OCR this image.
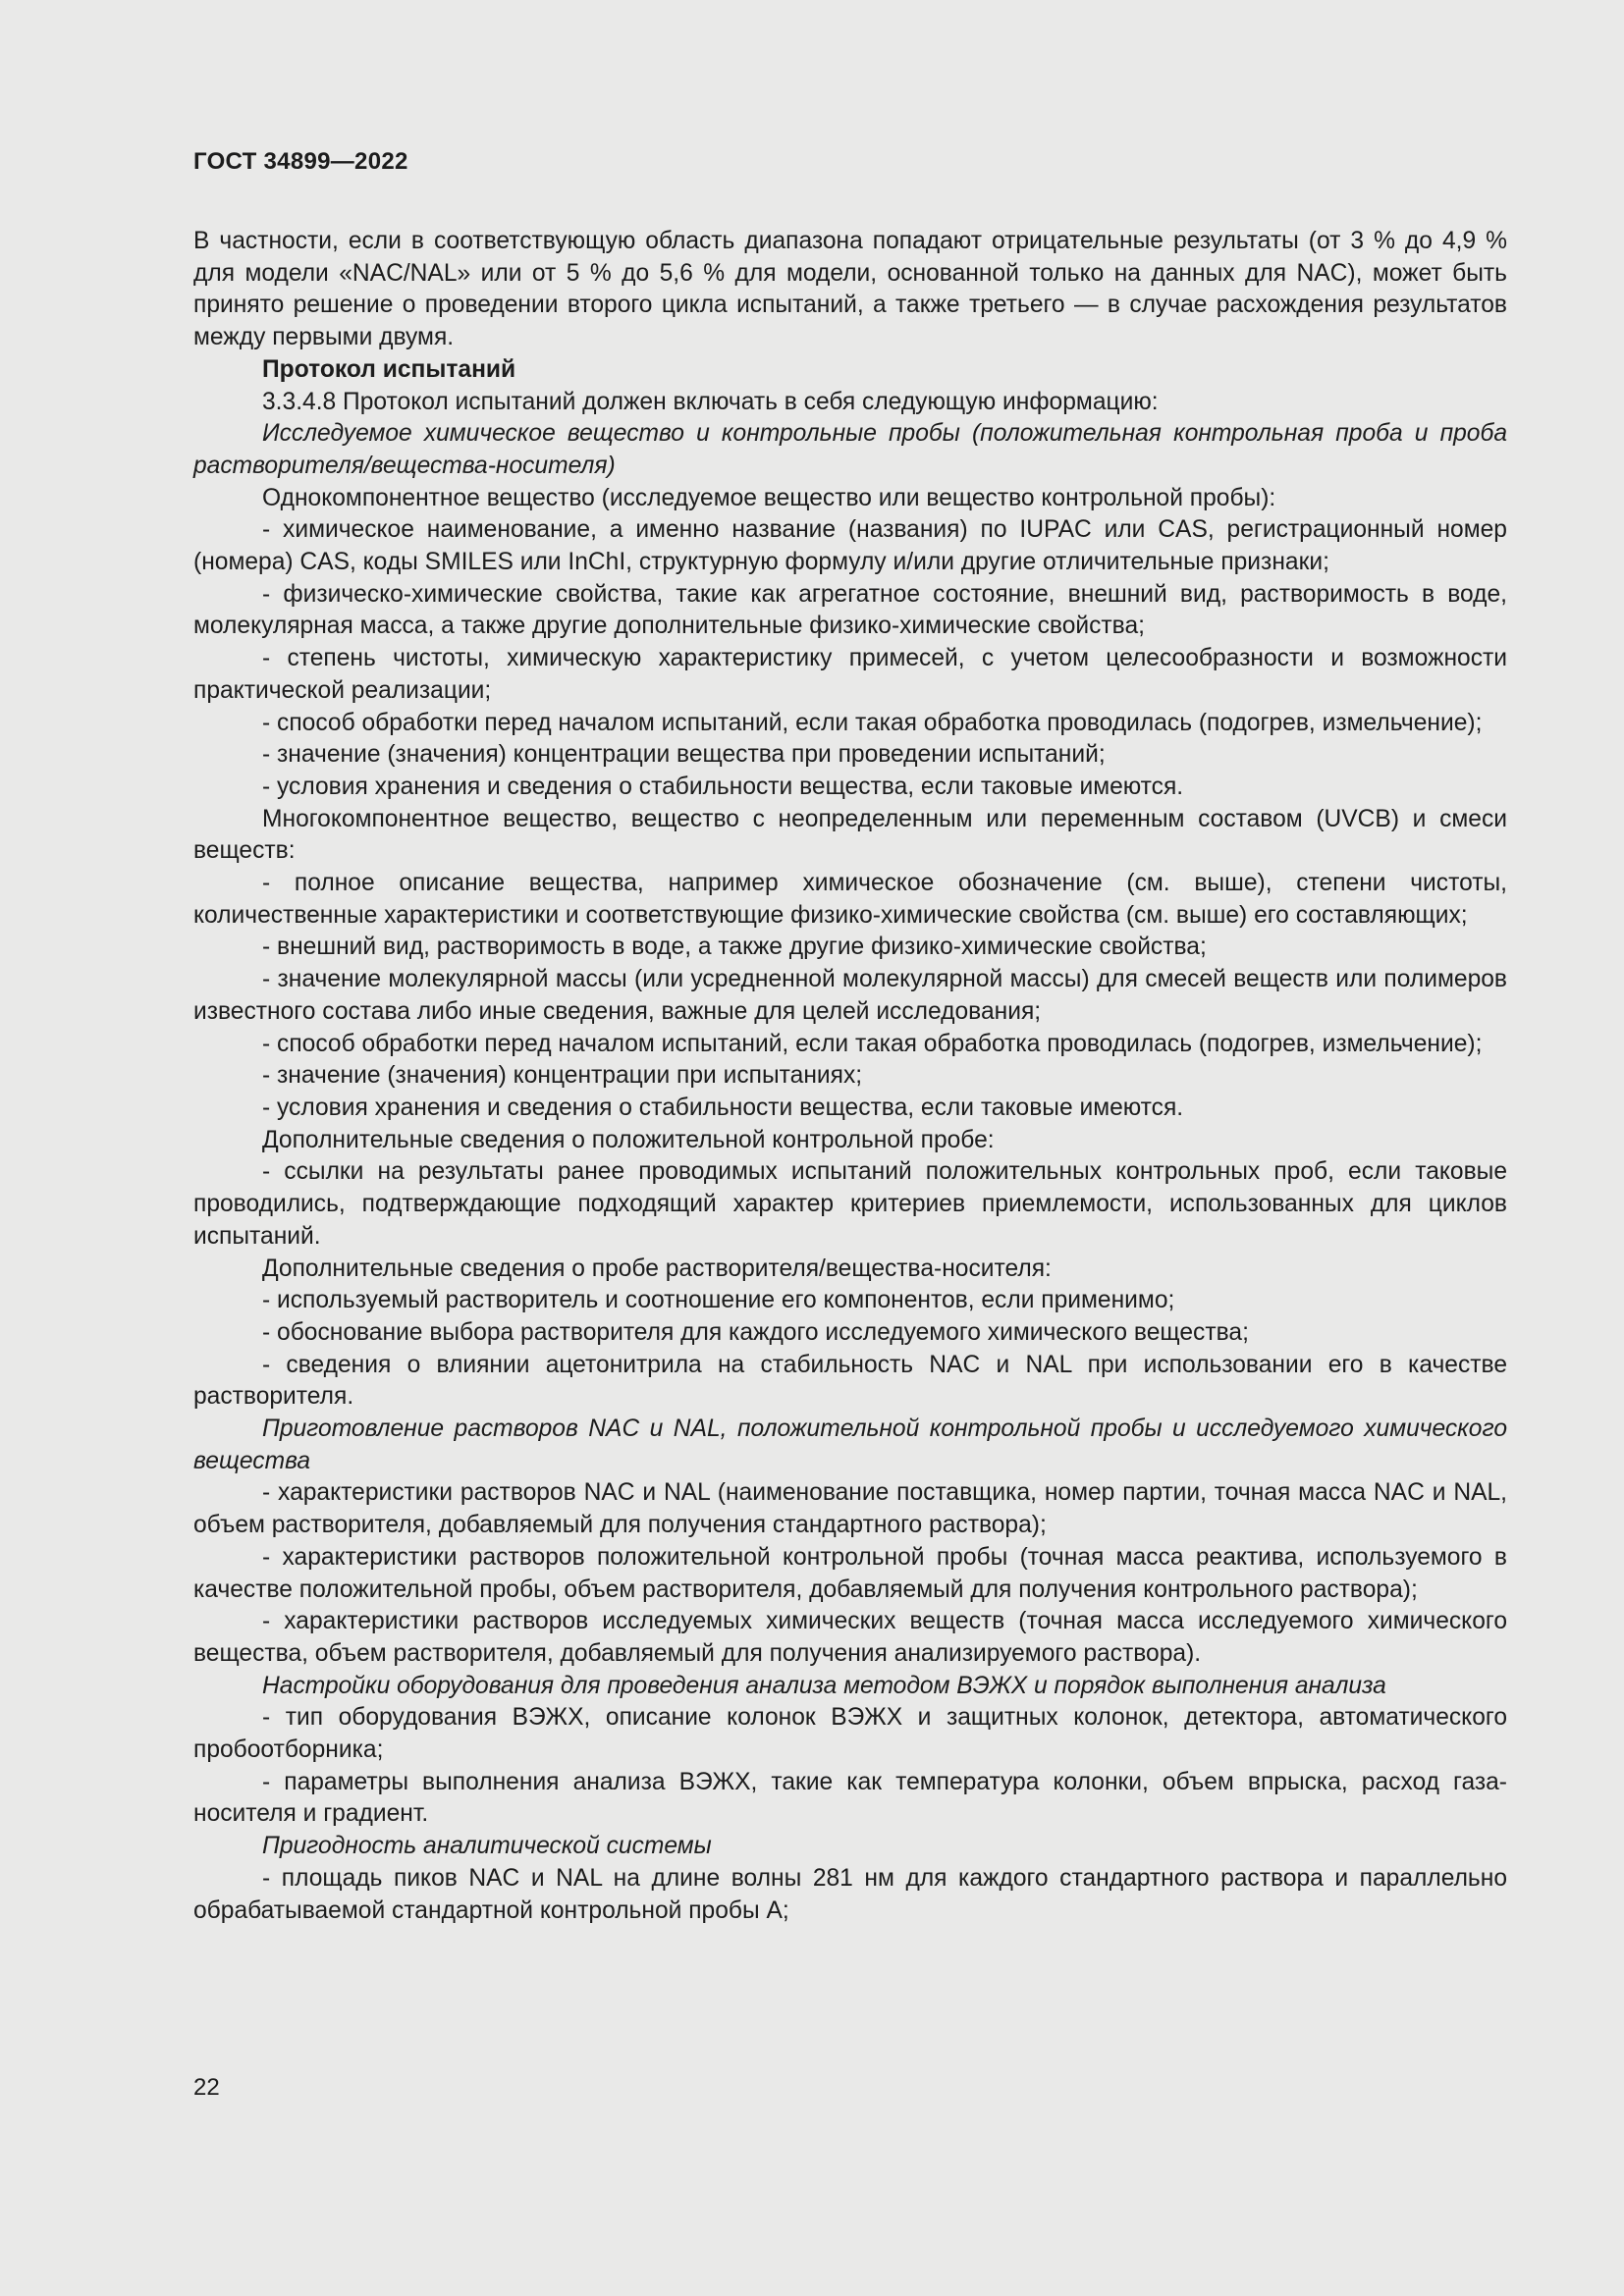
ГОСТ 34899—2022

В частности, если в соответствующую область диапазона попадают отрицательные результаты (от 3 % до 4,9 % для модели «NAC/NAL» или от 5 % до 5,6 % для модели, основанной только на данных для NAC), может быть принято решение о проведении второго цикла испытаний, а также третьего — в случае расхождения результатов между первыми двумя.

Протокол испытаний

3.3.4.8 Протокол испытаний должен включать в себя следующую информацию:

Исследуемое химическое вещество и контрольные пробы (положительная контрольная проба и проба растворителя/вещества-носителя)

Однокомпонентное вещество (исследуемое вещество или вещество контрольной пробы):

- химическое наименование, а именно название (названия) по IUPAC или CAS, регистрационный номер (номера) CAS, коды SMILES или InChI, структурную формулу и/или другие отличительные признаки;

- физическо-химические свойства, такие как агрегатное состояние, внешний вид, растворимость в воде, молекулярная масса, а также другие дополнительные физико-химические свойства;

- степень чистоты, химическую характеристику примесей, с учетом целесообразности и возможности практической реализации;

- способ обработки перед началом испытаний, если такая обработка проводилась (подогрев, измельчение);

- значение (значения) концентрации вещества при проведении испытаний;

- условия хранения и сведения о стабильности вещества, если таковые имеются.

Многокомпонентное вещество, вещество с неопределенным или переменным составом (UVCB) и смеси веществ:

- полное описание вещества, например химическое обозначение (см. выше), степени чистоты, количественные характеристики и соответствующие физико-химические свойства (см. выше) его составляющих;

- внешний вид, растворимость в воде, а также другие физико-химические свойства;

- значение молекулярной массы (или усредненной молекулярной массы) для смесей веществ или полимеров известного состава либо иные сведения, важные для целей исследования;

- способ обработки перед началом испытаний, если такая обработка проводилась (подогрев, измельчение);

- значение (значения) концентрации при испытаниях;

- условия хранения и сведения о стабильности вещества, если таковые имеются.

Дополнительные сведения о положительной контрольной пробе:

- ссылки на результаты ранее проводимых испытаний положительных контрольных проб, если таковые проводились, подтверждающие подходящий характер критериев приемлемости, использованных для циклов испытаний.

Дополнительные сведения о пробе растворителя/вещества-носителя:

- используемый растворитель и соотношение его компонентов, если применимо;

- обоснование выбора растворителя для каждого исследуемого химического вещества;

- сведения о влиянии ацетонитрила на стабильность NAC и NAL при использовании его в качестве растворителя.

Приготовление растворов NAC и NAL, положительной контрольной пробы и исследуемого химического вещества

- характеристики растворов NAC и NAL (наименование поставщика, номер партии, точная масса NAC и NAL, объем растворителя, добавляемый для получения стандартного раствора);

- характеристики растворов положительной контрольной пробы (точная масса реактива, используемого в качестве положительной пробы, объем растворителя, добавляемый для получения контрольного раствора);

- характеристики растворов исследуемых химических веществ (точная масса исследуемого химического вещества, объем растворителя, добавляемый для получения анализируемого раствора).

Настройки оборудования для проведения анализа методом ВЭЖХ и порядок выполнения анализа

- тип оборудования ВЭЖХ, описание колонок ВЭЖХ и защитных колонок, детектора, автоматического пробоотборника;

- параметры выполнения анализа ВЭЖХ, такие как температура колонки, объем впрыска, расход газа-носителя и градиент.

Пригодность аналитической системы

- площадь пиков NAC и NAL на длине волны 281 нм для каждого стандартного раствора и параллельно обрабатываемой стандартной контрольной пробы А;

22
